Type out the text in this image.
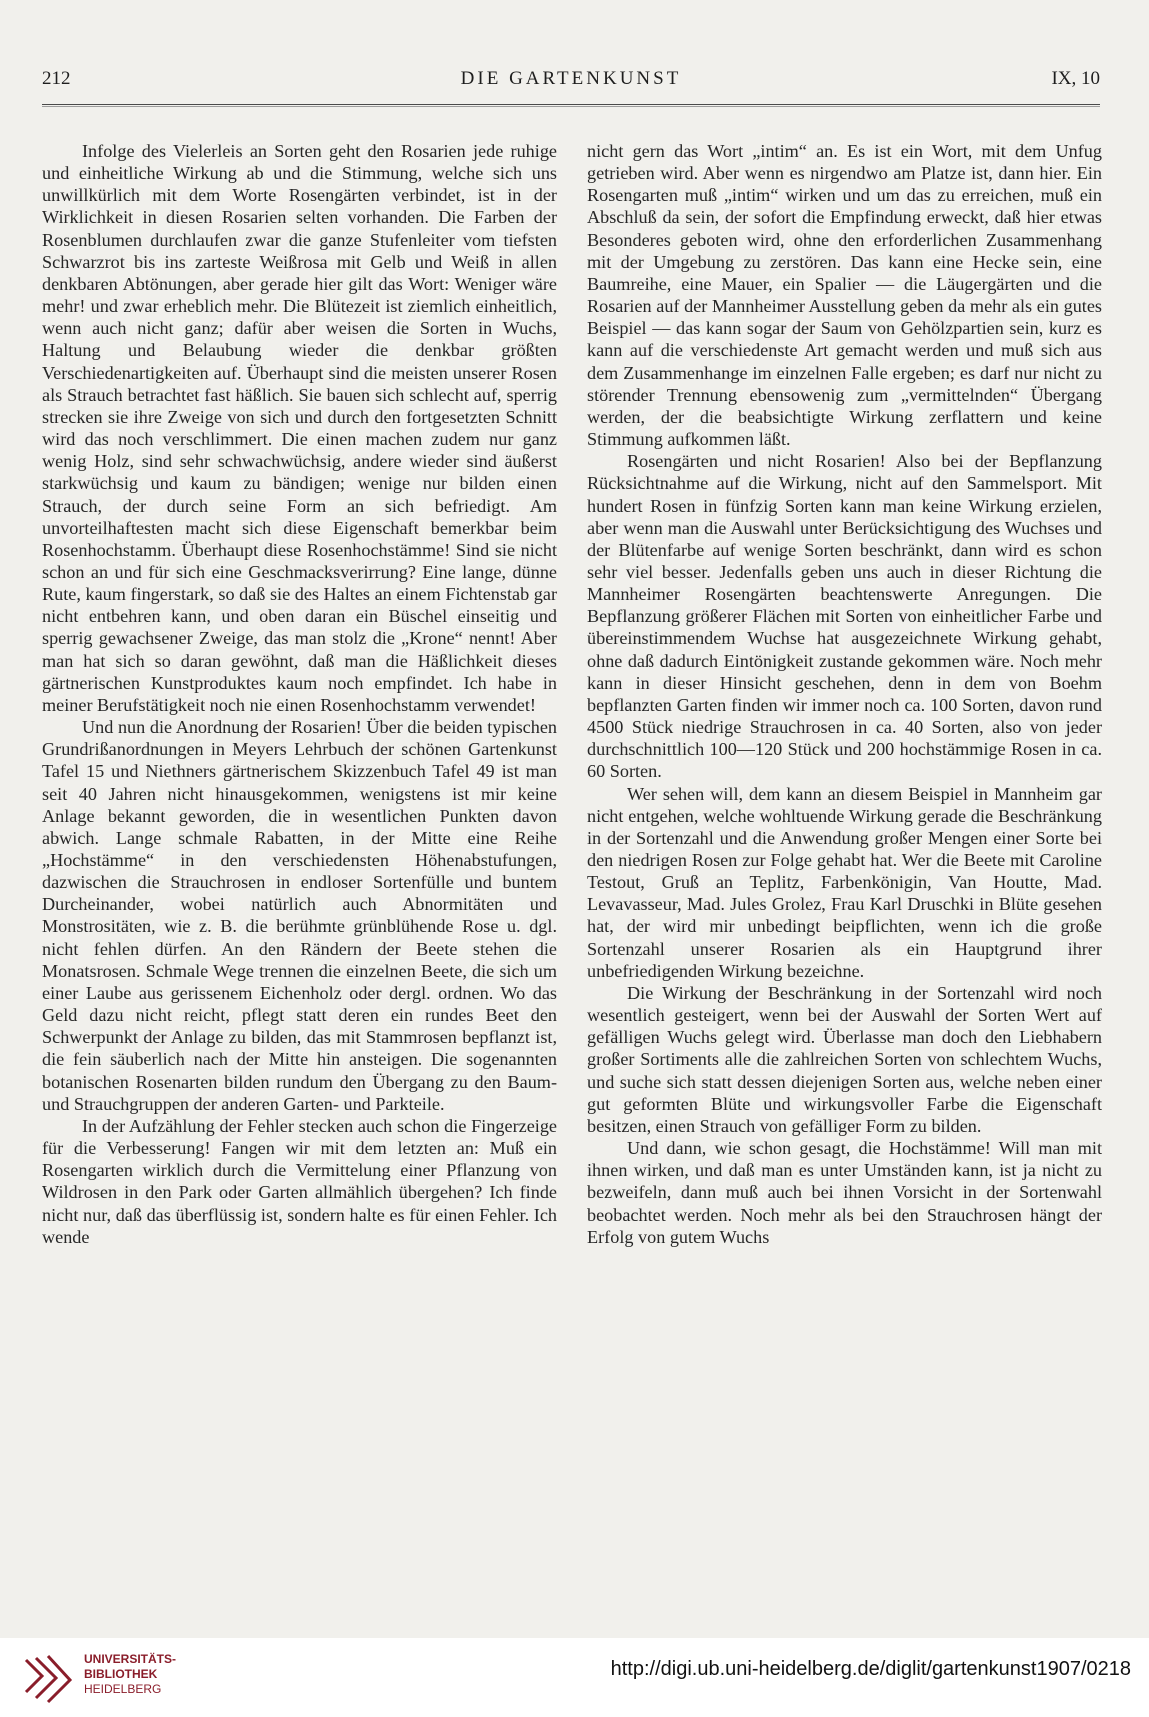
212	DIE GARTENKUNST	IX, 10

Infolge des Vielerleis an Sorten geht den Rosarien jede ruhige und einheitliche Wirkung ab und die Stimmung, welche sich uns unwillkürlich mit dem Worte Rosengärten verbindet, ist in der Wirklichkeit in diesen Rosarien selten vorhanden. Die Farben der Rosenblumen durchlaufen zwar die ganze Stufenleiter vom tiefsten Schwarzrot bis ins zarteste Weißrosa mit Gelb und Weiß in allen denkbaren Abtönungen, aber gerade hier gilt das Wort: Weniger wäre mehr! und zwar erheblich mehr. Die Blütezeit ist ziemlich einheitlich, wenn auch nicht ganz; dafür aber weisen die Sorten in Wuchs, Haltung und Belaubung wieder die denkbar größten Verschiedenartigkeiten auf. Überhaupt sind die meisten unserer Rosen als Strauch betrachtet fast häßlich. Sie bauen sich schlecht auf, sperrig strecken sie ihre Zweige von sich und durch den fortgesetzten Schnitt wird das noch verschlimmert. Die einen machen zudem nur ganz wenig Holz, sind sehr schwachwüchsig, andere wieder sind äußerst starkwüchsig und kaum zu bändigen; wenige nur bilden einen Strauch, der durch seine Form an sich befriedigt. Am unvorteilhaftesten macht sich diese Eigenschaft bemerkbar beim Rosenhochstamm. Überhaupt diese Rosenhochstämme! Sind sie nicht schon an und für sich eine Geschmacksverirrung? Eine lange, dünne Rute, kaum fingerstark, so daß sie des Haltes an einem Fichtenstab gar nicht entbehren kann, und oben daran ein Büschel einseitig und sperrig gewachsener Zweige, das man stolz die „Krone“ nennt! Aber man hat sich so daran gewöhnt, daß man die Häßlichkeit dieses gärtnerischen Kunstproduktes kaum noch empfindet. Ich habe in meiner Berufstätigkeit noch nie einen Rosenhochstamm verwendet!

Und nun die Anordnung der Rosarien! Über die beiden typischen Grundrißanordnungen in Meyers Lehrbuch der schönen Gartenkunst Tafel 15 und Niethners gärtnerischem Skizzenbuch Tafel 49 ist man seit 40 Jahren nicht hinausgekommen, wenigstens ist mir keine Anlage bekannt geworden, die in wesentlichen Punkten davon abwich. Lange schmale Rabatten, in der Mitte eine Reihe „Hochstämme“ in den verschiedensten Höhenabstufungen, dazwischen die Strauchrosen in endloser Sortenfülle und buntem Durcheinander, wobei natürlich auch Abnormitäten und Monstrositäten, wie z. B. die berühmte grünblühende Rose u. dgl. nicht fehlen dürfen. An den Rändern der Beete stehen die Monatsrosen. Schmale Wege trennen die einzelnen Beete, die sich um einer Laube aus gerissenem Eichenholz oder dergl. ordnen. Wo das Geld dazu nicht reicht, pflegt statt deren ein rundes Beet den Schwerpunkt der Anlage zu bilden, das mit Stammrosen bepflanzt ist, die fein säuberlich nach der Mitte hin ansteigen. Die sogenannten botanischen Rosenarten bilden rundum den Übergang zu den Baum- und Strauchgruppen der anderen Garten- und Parkteile.

In der Aufzählung der Fehler stecken auch schon die Fingerzeige für die Verbesserung! Fangen wir mit dem letzten an: Muß ein Rosengarten wirklich durch die Vermittelung einer Pflanzung von Wildrosen in den Park oder Garten allmählich übergehen? Ich finde nicht nur, daß das überflüssig ist, sondern halte es für einen Fehler. Ich wende

nicht gern das Wort „intim“ an. Es ist ein Wort, mit dem Unfug getrieben wird. Aber wenn es nirgendwo am Platze ist, dann hier. Ein Rosengarten muß „intim“ wirken und um das zu erreichen, muß ein Abschluß da sein, der sofort die Empfindung erweckt, daß hier etwas Besonderes geboten wird, ohne den erforderlichen Zusammenhang mit der Umgebung zu zerstören. Das kann eine Hecke sein, eine Baumreihe, eine Mauer, ein Spalier — die Läugergärten und die Rosarien auf der Mannheimer Ausstellung geben da mehr als ein gutes Beispiel — das kann sogar der Saum von Gehölzpartien sein, kurz es kann auf die verschiedenste Art gemacht werden und muß sich aus dem Zusammenhange im einzelnen Falle ergeben; es darf nur nicht zu störender Trennung ebensowenig zum „vermittelnden“ Übergang werden, der die beabsichtigte Wirkung zerflattern und keine Stimmung aufkommen läßt.

Rosengärten und nicht Rosarien! Also bei der Bepflanzung Rücksichtnahme auf die Wirkung, nicht auf den Sammelsport. Mit hundert Rosen in fünfzig Sorten kann man keine Wirkung erzielen, aber wenn man die Auswahl unter Berücksichtigung des Wuchses und der Blütenfarbe auf wenige Sorten beschränkt, dann wird es schon sehr viel besser. Jedenfalls geben uns auch in dieser Richtung die Mannheimer Rosengärten beachtenswerte Anregungen. Die Bepflanzung größerer Flächen mit Sorten von einheitlicher Farbe und übereinstimmendem Wuchse hat ausgezeichnete Wirkung gehabt, ohne daß dadurch Eintönigkeit zustande gekommen wäre. Noch mehr kann in dieser Hinsicht geschehen, denn in dem von Boehm bepflanzten Garten finden wir immer noch ca. 100 Sorten, davon rund 4500 Stück niedrige Strauchrosen in ca. 40 Sorten, also von jeder durchschnittlich 100—120 Stück und 200 hochstämmige Rosen in ca. 60 Sorten.

Wer sehen will, dem kann an diesem Beispiel in Mannheim gar nicht entgehen, welche wohltuende Wirkung gerade die Beschränkung in der Sortenzahl und die Anwendung großer Mengen einer Sorte bei den niedrigen Rosen zur Folge gehabt hat. Wer die Beete mit Caroline Testout, Gruß an Teplitz, Farbenkönigin, Van Houtte, Mad. Levavasseur, Mad. Jules Grolez, Frau Karl Druschki in Blüte gesehen hat, der wird mir unbedingt beipflichten, wenn ich die große Sortenzahl unserer Rosarien als ein Hauptgrund ihrer unbefriedigenden Wirkung bezeichne.

Die Wirkung der Beschränkung in der Sortenzahl wird noch wesentlich gesteigert, wenn bei der Auswahl der Sorten Wert auf gefälligen Wuchs gelegt wird. Überlasse man doch den Liebhabern großer Sortiments alle die zahlreichen Sorten von schlechtem Wuchs, und suche sich statt dessen diejenigen Sorten aus, welche neben einer gut geformten Blüte und wirkungsvoller Farbe die Eigenschaft besitzen, einen Strauch von gefälliger Form zu bilden.

Und dann, wie schon gesagt, die Hochstämme! Will man mit ihnen wirken, und daß man es unter Umständen kann, ist ja nicht zu bezweifeln, dann muß auch bei ihnen Vorsicht in der Sortenwahl beobachtet werden. Noch mehr als bei den Strauchrosen hängt der Erfolg von gutem Wuchs

UNIVERSITÄTS-
BIBLIOTHEK
HEIDELBERG
http://digi.ub.uni-heidelberg.de/diglit/gartenkunst1907/0218
